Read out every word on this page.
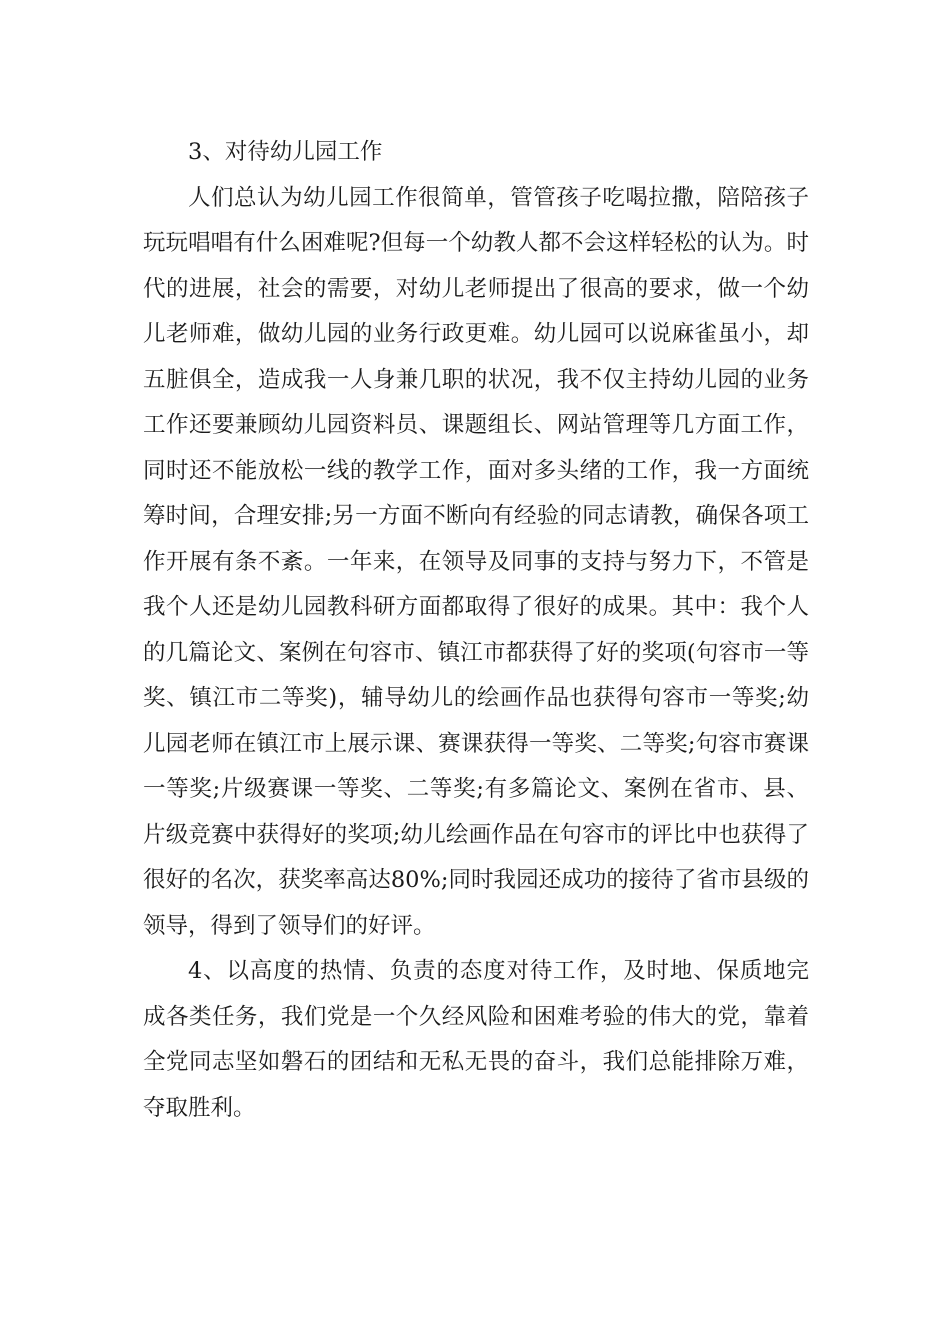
3、对待幼儿园工作

人们总认为幼儿园工作很简单，管管孩子吃喝拉撒，陪陪孩子玩玩唱唱有什么困难呢?但每一个幼教人都不会这样轻松的认为。时代的进展，社会的需要，对幼儿老师提出了很高的要求，做一个幼儿老师难，做幼儿园的业务行政更难。幼儿园可以说麻雀虽小，却五脏俱全，造成我一人身兼几职的状况，我不仅主持幼儿园的业务工作还要兼顾幼儿园资料员、课题组长、网站管理等几方面工作，同时还不能放松一线的教学工作，面对多头绪的工作，我一方面统筹时间，合理安排;另一方面不断向有经验的同志请教，确保各项工作开展有条不紊。一年来，在领导及同事的支持与努力下，不管是我个人还是幼儿园教科研方面都取得了很好的成果。其中：我个人的几篇论文、案例在句容市、镇江市都获得了好的奖项(句容市一等奖、镇江市二等奖)，辅导幼儿的绘画作品也获得句容市一等奖;幼儿园老师在镇江市上展示课、赛课获得一等奖、二等奖;句容市赛课一等奖;片级赛课一等奖、二等奖;有多篇论文、案例在省市、县、片级竞赛中获得好的奖项;幼儿绘画作品在句容市的评比中也获得了很好的名次，获奖率高达80%;同时我园还成功的接待了省市县级的领导，得到了领导们的好评。

4、以高度的热情、负责的态度对待工作，及时地、保质地完成各类任务，我们党是一个久经风险和困难考验的伟大的党，靠着全党同志坚如磐石的团结和无私无畏的奋斗，我们总能排除万难，夺取胜利。
